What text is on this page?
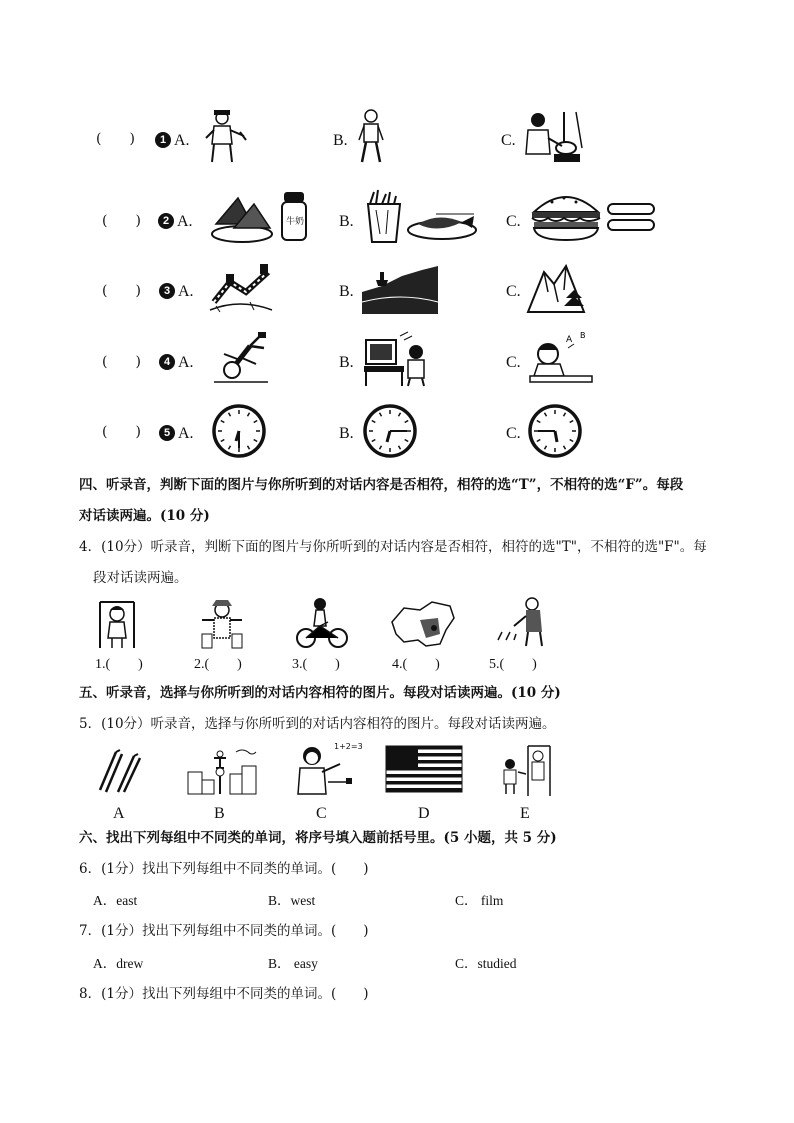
(　　)	1 A.	B.	C.
(　　)	2 A.	牛奶 B.	C.
(　　)	3 A.	B.	C.
(　　)	4 A.	B.	C.
A B
(　　)	5 A.	B.	C.
四、听录音，判断下面的图片与你所听到的对话内容是否相符，相符的选“T”，不相符的选“F”。每段
对话读两遍。(10 分)
4．(10分）听录音，判断下面的图片与你所听到的对话内容是否相符，相符的选"T"，不相符的选"F"。每
段对话读两遍。
1.(　　)	2.(　　)	3.(　　)	4.(　　)	5.(　　)
五、听录音，选择与你所听到的对话内容相符的图片。每段对话读两遍。(10 分)
5．(10分）听录音，选择与你所听到的对话内容相符的图片。每段对话读两遍。
1+2=3
A	B	C	D	E
六、找出下列每组中不同类的单词，将序号填入题前括号里。(5 小题，共 5 分)
6．(1分）找出下列每组中不同类的单词。(　　)
A．east	B．west	C． film
7．(1分）找出下列每组中不同类的单词。(　　)
A．drew	B． easy	C．studied
8．(1分）找出下列每组中不同类的单词。(　　)
